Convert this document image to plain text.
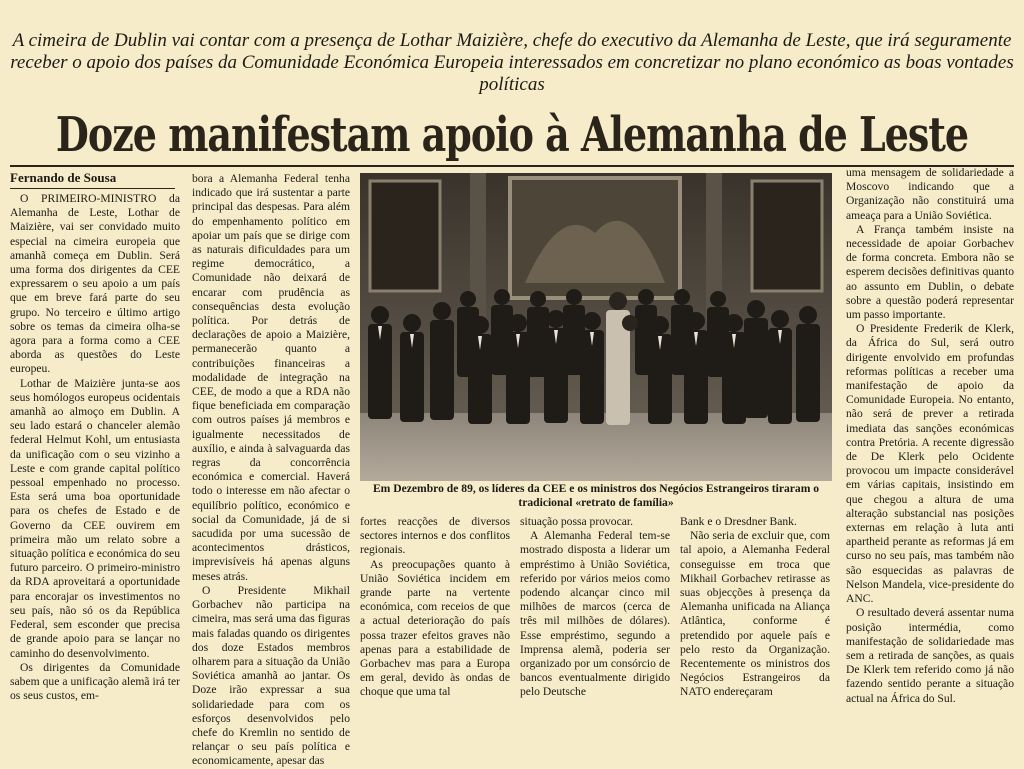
A cimeira de Dublin vai contar com a presença de Lothar Maizière, chefe do executivo da Alemanha de Leste, que irá seguramente receber o apoio dos países da Comunidade Económica Europeia interessados em concretizar no plano económico as boas vontades políticas
Doze manifestam apoio à Alemanha de Leste
Fernando de Sousa

O PRIMEIRO-MINISTRO da Alemanha de Leste, Lothar de Maizière, vai ser convidado muito especial na cimeira europeia que amanhã começa em Dublin. Será uma forma dos dirigentes da CEE expressarem o seu apoio a um país que em breve fará parte do seu grupo. No terceiro e último artigo sobre os temas da cimeira olha-se agora para a forma como a CEE aborda as questões do Leste europeu.

Lothar de Maizière junta-se aos seus homólogos europeus ocidentais amanhã ao almoço em Dublin. A seu lado estará o chanceler alemão federal Helmut Kohl, um entusiasta da unificação com o seu vizinho a Leste e com grande capital político pessoal empenhado no processo. Esta será uma boa oportunidade para os chefes de Estado e de Governo da CEE ouvirem em primeira mão um relato sobre a situação política e económica do seu futuro parceiro. O primeiro-ministro da RDA aproveitará a oportunidade para encorajar os investimentos no seu país, não só os da República Federal, sem esconder que precisa de grande apoio para se lançar no caminho do desenvolvimento.

Os dirigentes da Comunidade sabem que a unificação alemã irá ter os seus custos, em-

bora a Alemanha Federal tenha indicado que irá sustentar a parte principal das despesas. Para além do empenhamento político em apoiar um país que se dirige com as naturais dificuldades para um regime democrático, a Comunidade não deixará de encarar com prudência as consequências desta evolução política. Por detrás de declarações de apoio a Maizière, permanecerão quanto a contribuições financeiras a modalidade de integração na CEE, de modo a que a RDA não fique beneficiada em comparação com outros países já membros e igualmente necessitados de auxílio, e ainda à salvaguarda das regras da concorrência económica e comercial. Haverá todo o interesse em não afectar o equilíbrio político, económico e social da Comunidade, já de si sacudida por uma sucessão de acontecimentos drásticos, imprevisíveis há apenas alguns meses atrás.

O Presidente Mikhail Gorbachev não participa na cimeira, mas será uma das figuras mais faladas quando os dirigentes dos doze Estados membros olharem para a situação da União Soviética amanhã ao jantar. Os Doze irão expressar a sua solidariedade para com os esforços desenvolvidos pelo chefe do Kremlin no sentido de relançar o seu país política e economicamente, apesar das

Em Dezembro de 89, os líderes da CEE e os ministros dos Negócios Estrangeiros tiraram o tradicional «retrato de família»

fortes reacções de diversos sectores internos e dos conflitos regionais.

As preocupações quanto à União Soviética incidem em grande parte na vertente económica, com receios de que a actual deterioração do país possa trazer efeitos graves não apenas para a estabilidade de Gorbachev mas para a Europa em geral, devido às ondas de choque que uma tal

situação possa provocar.

A Alemanha Federal tem-se mostrado disposta a liderar um empréstimo à União Soviética, referido por vários meios como podendo alcançar cinco mil milhões de marcos (cerca de três mil milhões de dólares). Esse empréstimo, segundo a Imprensa alemã, poderia ser organizado por um consórcio de bancos eventualmente dirigido pelo Deutsche

Bank e o Dresdner Bank.

Não seria de excluir que, com tal apoio, a Alemanha Federal conseguisse em troca que Mikhail Gorbachev retirasse as suas objecções à presença da Alemanha unificada na Aliança Atlântica, conforme é pretendido por aquele país e pelo resto da Organização. Recentemente os ministros dos Negócios Estrangeiros da NATO endereçaram

uma mensagem de solidariedade a Moscovo indicando que a Organização não constituirá uma ameaça para a União Soviética.

A França também insiste na necessidade de apoiar Gorbachev de forma concreta. Embora não se esperem decisões definitivas quanto ao assunto em Dublin, o debate sobre a questão poderá representar um passo importante.

O Presidente Frederik de Klerk, da África do Sul, será outro dirigente envolvido em profundas reformas políticas a receber uma manifestação de apoio da Comunidade Europeia. No entanto, não será de prever a retirada imediata das sanções económicas contra Pretória. A recente digressão de De Klerk pelo Ocidente provocou um impacte considerável em várias capitais, insistindo em que chegou a altura de uma alteração substancial nas posições externas em relação à luta anti apartheid perante as reformas já em curso no seu país, mas também não são esquecidas as palavras de Nelson Mandela, vice-presidente do ANC.

O resultado deverá assentar numa posição intermédia, como manifestação de solidariedade mas sem a retirada de sanções, as quais De Klerk tem referido como já não fazendo sentido perante a situação actual na África do Sul.
